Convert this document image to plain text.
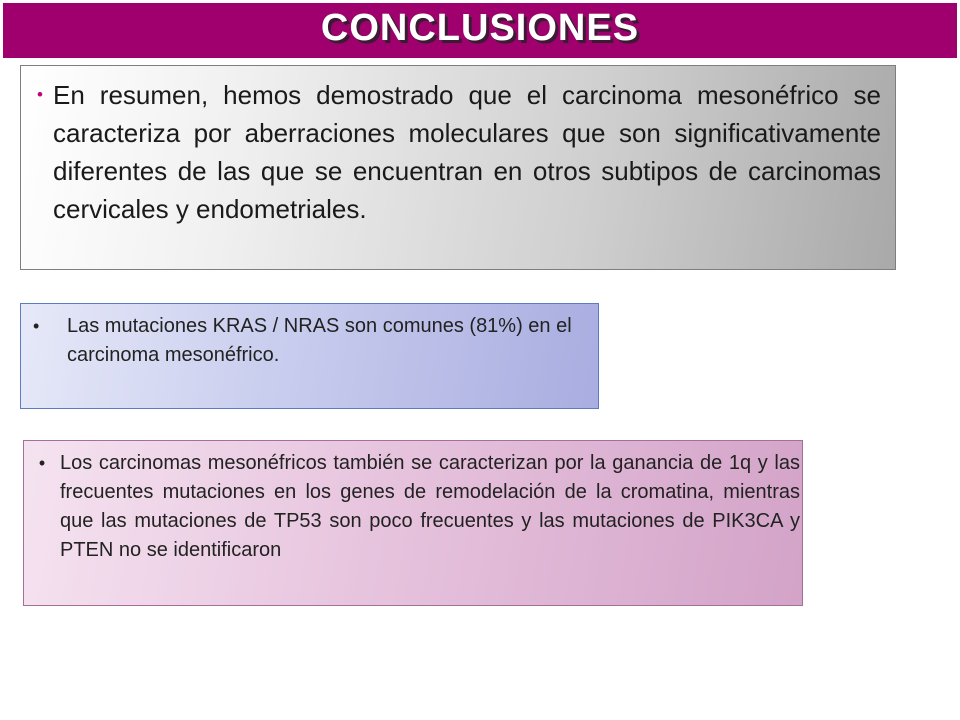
CONCLUSIONES
• En resumen, hemos demostrado que el carcinoma mesonéfrico se caracteriza por aberraciones moleculares que son significativamente diferentes de las que se encuentran en otros subtipos de carcinomas cervicales y endometriales.

•	Las mutaciones KRAS / NRAS son comunes (81%) en el carcinoma mesonéfrico.

• Los carcinomas mesonéfricos también se caracterizan por la ganancia de 1q y las frecuentes mutaciones en los genes de remodelación de la cromatina, mientras que las mutaciones de TP53 son poco frecuentes y las mutaciones de PIK3CA y PTEN no se identificaron
